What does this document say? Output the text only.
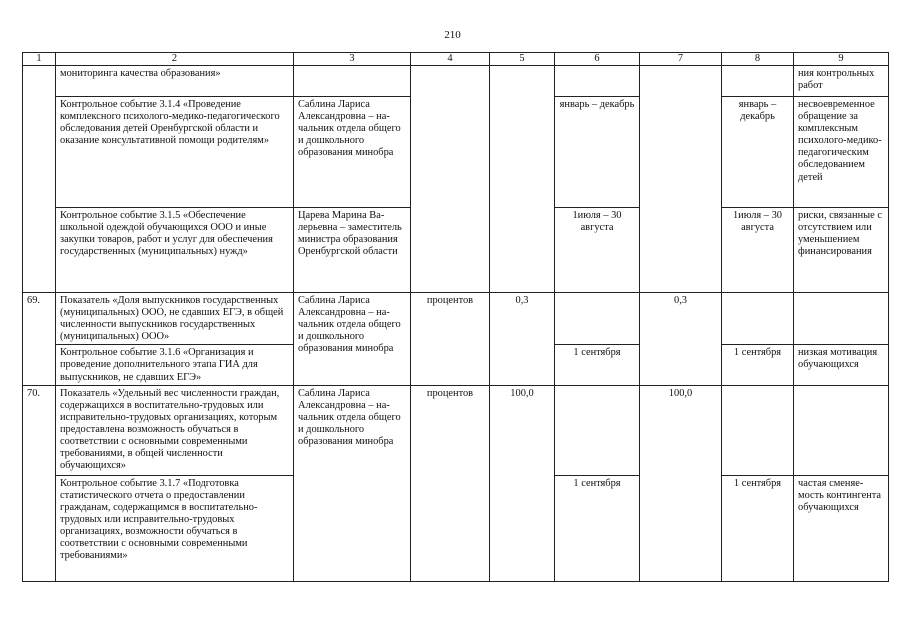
210
1	2	3	4	5	6	7	8	9
	мониторинга качества образования»							ния контрольных работ
	Контрольное событие 3.1.4 «Проведение комплексного психолого-медико-педагогического обследования детей Оренбургской области и оказание консультативной помощи родителям»	Саблина Лариса Александровна – начальник отдела общего и дошкольного образования минобра			январь – декабрь		январь – декабрь	несвоевременное обращение за комплексным психолого-медико-педагогическим обследованием детей
	Контрольное событие 3.1.5 «Обеспечение школьной одеждой обучающихся ООО и иные закупки товаров, работ и услуг для обеспечения государственных (муниципальных) нужд»	Царева Марина Валерьевна – заместитель министра образования Оренбургской области			1июля – 30 августа		1июля – 30 августа	риски, связанные с отсутствием или уменьшением финансирования
69.	Показатель «Доля выпускников государственных (муниципальных) ООО, не сдавших ЕГЭ, в общей численности выпускников государственных (муниципальных) ООО»	Саблина Лариса Александровна – начальник отдела общего и дошкольного образования минобра	процентов	0,3		0,3		
	Контрольное событие 3.1.6 «Организация и проведение дополнительного этапа ГИА для выпускников, не сдавших ЕГЭ»				1 сентября		1 сентября	низкая мотивация обучающихся
70.	Показатель «Удельный вес численности граждан, содержащихся в воспитательно-трудовых или исправительно-трудовых организациях, которым предоставлена возможность обучаться в соответствии с основными современными требованиями, в общей численности обучающихся»	Саблина Лариса Александровна – начальник отдела общего и дошкольного образования минобра	процентов	100,0		100,0		
	Контрольное событие 3.1.7 «Подготовка статистического отчета о предоставлении гражданам, содержащимся в воспитательно-трудовых или исправительно-трудовых организациях, возможности обучаться в соответствии с основными современными требованиями»				1 сентября		1 сентября	частая сменяемость контингента обучающихся
